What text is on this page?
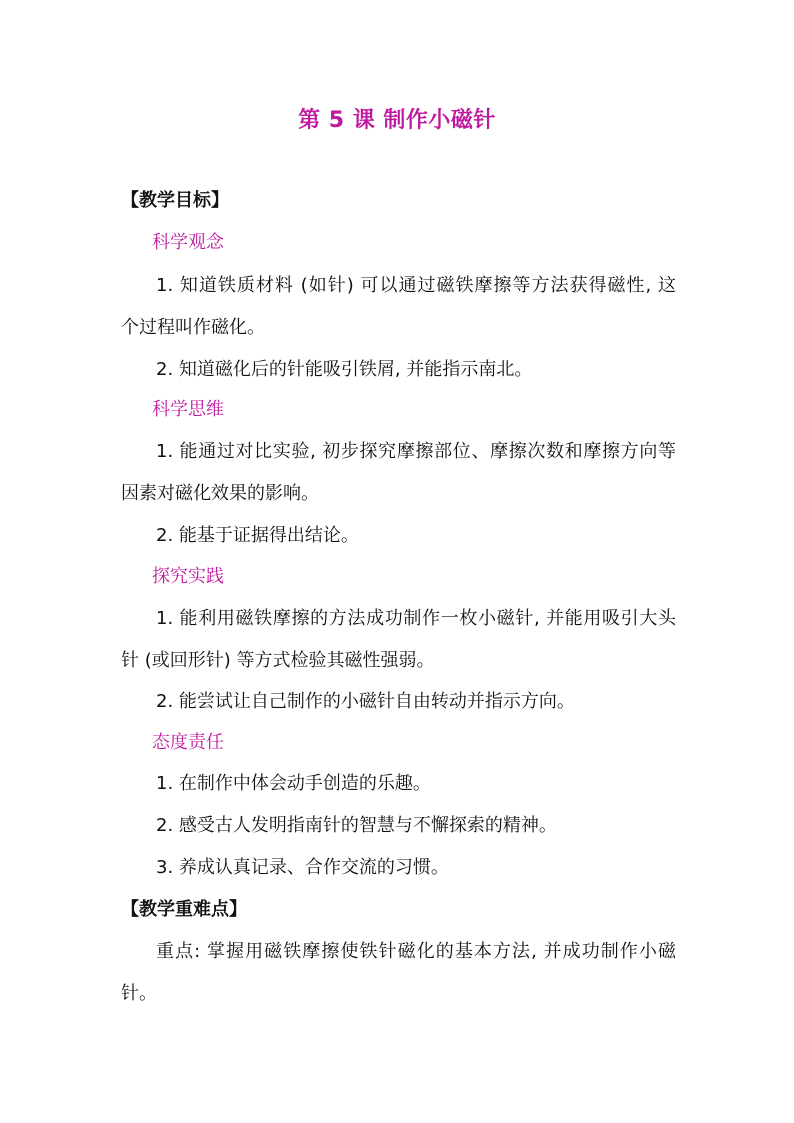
第 5 课 制作小磁针
【教学目标】
科学观念
1. 知道铁质材料 (如针) 可以通过磁铁摩擦等方法获得磁性, 这
个过程叫作磁化。
2. 知道磁化后的针能吸引铁屑, 并能指示南北。
科学思维
1. 能通过对比实验, 初步探究摩擦部位、摩擦次数和摩擦方向等
因素对磁化效果的影响。
2. 能基于证据得出结论。
探究实践
1. 能利用磁铁摩擦的方法成功制作一枚小磁针, 并能用吸引大头
针 (或回形针) 等方式检验其磁性强弱。
2. 能尝试让自己制作的小磁针自由转动并指示方向。
态度责任
1. 在制作中体会动手创造的乐趣。
2. 感受古人发明指南针的智慧与不懈探索的精神。
3. 养成认真记录、合作交流的习惯。
【教学重难点】
重点: 掌握用磁铁摩擦使铁针磁化的基本方法, 并成功制作小磁
针。
